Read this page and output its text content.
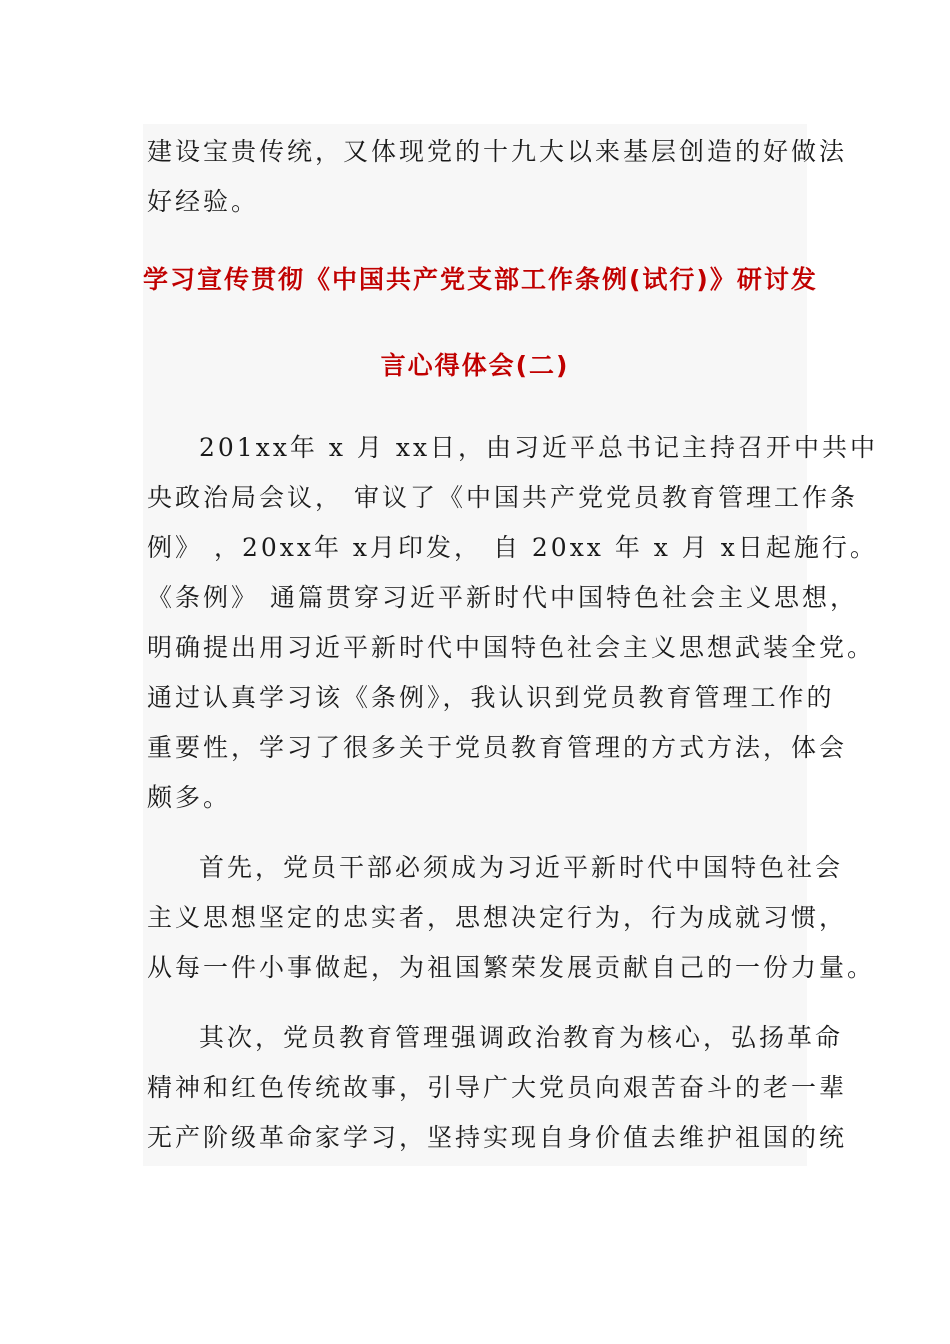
建设宝贵传统，又体现党的十九大以来基层创造的好做法
好经验。

学习宣传贯彻《中国共产党支部工作条例(试行)》研讨发
言心得体会(二)

201xx年 x 月 xx日，由习近平总书记主持召开中共中
央政治局会议， 审议了《中国共产党党员教育管理工作条
例》 ，20xx年 x月印发， 自 20xx 年 x 月 x日起施行。
《条例》 通篇贯穿习近平新时代中国特色社会主义思想，
明确提出用习近平新时代中国特色社会主义思想武装全党。
通过认真学习该《条例》，我认识到党员教育管理工作的
重要性，学习了很多关于党员教育管理的方式方法，体会
颇多。

首先，党员干部必须成为习近平新时代中国特色社会
主义思想坚定的忠实者，思想决定行为，行为成就习惯，
从每一件小事做起，为祖国繁荣发展贡献自己的一份力量。

其次，党员教育管理强调政治教育为核心，弘扬革命
精神和红色传统故事，引导广大党员向艰苦奋斗的老一辈
无产阶级革命家学习，坚持实现自身价值去维护祖国的统
